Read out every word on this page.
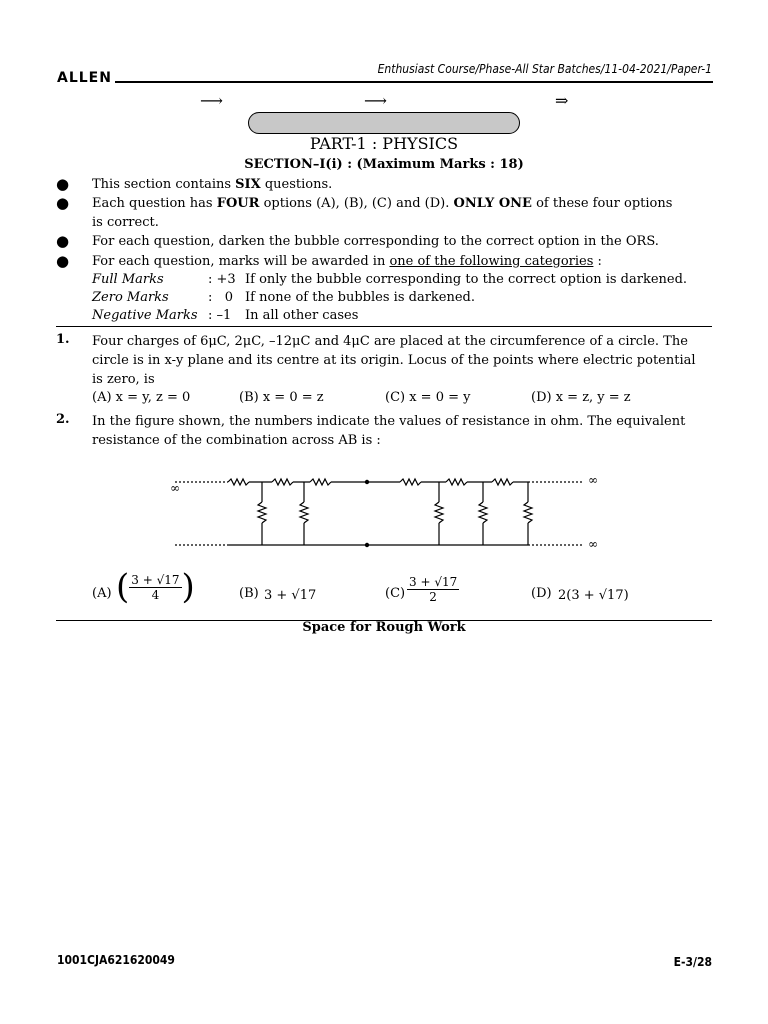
ALLEN
Enthusiast Course/Phase-All Star Batches/11-04-2021/Paper-1
⟶	⟶	⇒
PART-1 : PHYSICS
SECTION–I(i) : (Maximum Marks : 18)
● This section contains SIX questions.
● Each question has FOUR options (A), (B), (C) and (D). ONLY ONE of these four options
is correct.
● For each question, darken the bubble corresponding to the correct option in the ORS.
● For each question, marks will be awarded in one of the following categories :
Full Marks	: +3 If only the bubble corresponding to the correct option is darkened.
Zero Marks	:   0 If none of the bubbles is darkened.
Negative Marks : –1 In all other cases
1. Four charges of 6μC, 2μC, –12μC and 4μC are placed at the circumference of a circle. The
circle is in x-y plane and its centre at its origin. Locus of the points where electric potential
is zero, is
(A) x = y, z = 0	(B) x = 0 = z	(C) x = 0 = y	(D) x = z, y = z
2. In the figure shown, the numbers indicate the values of resistance in ohm. The equivalent
resistance of the combination across AB is :
∞
∞
∞
(A) ( $\frac{3 + √17}{4}$ )	(B) 3 + √17	$(C) \frac{3 + √17}{2}$	(D) 2(3 + √17)
Space for Rough Work
1001CJA621620049	E-3/28
